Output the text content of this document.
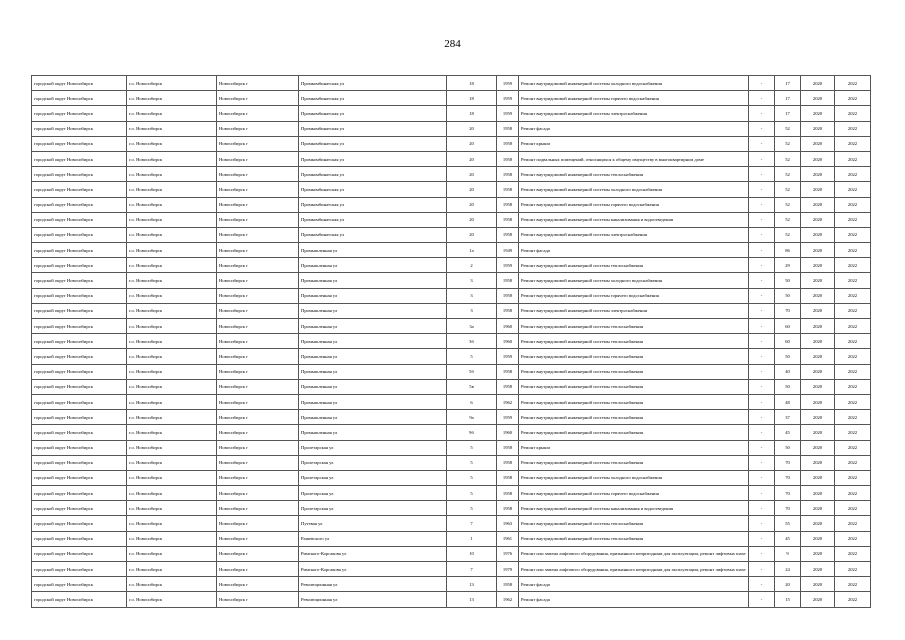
284
городской округ Новосибирск	г.о. Новосибирск	Новосибирск г	Промкомбинатская ул	18	1959	Ремонт внутридомовой инженерной системы холодного водоснабжения	-	17	2020	2022
городской округ Новосибирск	г.о. Новосибирск	Новосибирск г	Промкомбинатская ул	18	1959	Ремонт внутридомовой инженерной системы горячего водоснабжения	-	17	2020	2022
городской округ Новосибирск	г.о. Новосибирск	Новосибирск г	Промкомбинатская ул	18	1959	Ремонт внутридомовой инженерной системы электроснабжения	-	17	2020	2022
городской округ Новосибирск	г.о. Новосибирск	Новосибирск г	Промкомбинатская ул	20	1958	Ремонт фасада	-	52	2020	2022
городской округ Новосибирск	г.о. Новосибирск	Новосибирск г	Промкомбинатская ул	20	1958	Ремонт крыши	-	52	2020	2022
городской округ Новосибирск	г.о. Новосибирск	Новосибирск г	Промкомбинатская ул	20	1958	Ремонт подвальных помещений, относящихся к общему имуществу в многоквартирном доме	-	52	2020	2022
городской округ Новосибирск	г.о. Новосибирск	Новосибирск г	Промкомбинатская ул	20	1958	Ремонт внутридомовой инженерной системы теплоснабжения	-	52	2020	2022
городской округ Новосибирск	г.о. Новосибирск	Новосибирск г	Промкомбинатская ул	20	1958	Ремонт внутридомовой инженерной системы холодного водоснабжения	-	52	2020	2022
городской округ Новосибирск	г.о. Новосибирск	Новосибирск г	Промкомбинатская ул	20	1958	Ремонт внутридомовой инженерной системы горячего водоснабжения	-	52	2020	2022
городской округ Новосибирск	г.о. Новосибирск	Новосибирск г	Промкомбинатская ул	20	1958	Ремонт внутридомовой инженерной системы канализования и водоотведения	-	52	2020	2022
городской округ Новосибирск	г.о. Новосибирск	Новосибирск г	Промкомбинатская ул	20	1958	Ремонт внутридомовой инженерной системы электроснабжения	-	52	2020	2022
городской округ Новосибирск	г.о. Новосибирск	Новосибирск г	Промышленная ул	1а	1949	Ремонт фасада	-	86	2020	2022
городской округ Новосибирск	г.о. Новосибирск	Новосибирск г	Промышленная ул	2	1959	Ремонт внутридомовой инженерной системы теплоснабжения	-	29	2020	2022
городской округ Новосибирск	г.о. Новосибирск	Новосибирск г	Промышленная ул	3	1958	Ремонт внутридомовой инженерной системы холодного водоснабжения	-	50	2020	2022
городской округ Новосибирск	г.о. Новосибирск	Новосибирск г	Промышленная ул	3	1958	Ремонт внутридомовой инженерной системы горячего водоснабжения	-	50	2020	2022
городской округ Новосибирск	г.о. Новосибирск	Новосибирск г	Промышленная ул	3	1958	Ремонт внутридомовой инженерной системы электроснабжения	-	70	2020	2022
городской округ Новосибирск	г.о. Новосибирск	Новосибирск г	Промышленная ул	3а	1960	Ремонт внутридомовой инженерной системы теплоснабжения	-	60	2020	2022
городской округ Новосибирск	г.о. Новосибирск	Новосибирск г	Промышленная ул	3б	1960	Ремонт внутридомовой инженерной системы теплоснабжения	-	60	2020	2022
городской округ Новосибирск	г.о. Новосибирск	Новосибирск г	Промышленная ул	5	1959	Ремонт внутридомовой инженерной системы теплоснабжения	-	50	2020	2022
городской округ Новосибирск	г.о. Новосибирск	Новосибирск г	Промышленная ул	5б	1958	Ремонт внутридомовой инженерной системы теплоснабжения	-	40	2020	2022
городской округ Новосибирск	г.о. Новосибирск	Новосибирск г	Промышленная ул	5в	1958	Ремонт внутридомовой инженерной системы теплоснабжения	-	50	2020	2022
городской округ Новосибирск	г.о. Новосибирск	Новосибирск г	Промышленная ул	6	1962	Ремонт внутридомовой инженерной системы теплоснабжения	-	48	2020	2022
городской округ Новосибирск	г.о. Новосибирск	Новосибирск г	Промышленная ул	9а	1959	Ремонт внутридомовой инженерной системы теплоснабжения	-	37	2020	2022
городской округ Новосибирск	г.о. Новосибирск	Новосибирск г	Промышленная ул	9б	1960	Ремонт внутридомовой инженерной системы теплоснабжения	-	45	2020	2022
городской округ Новосибирск	г.о. Новосибирск	Новосибирск г	Пролетарская ул	5	1958	Ремонт крыши	-	50	2020	2022
городской округ Новосибирск	г.о. Новосибирск	Новосибирск г	Пролетарская ул	5	1958	Ремонт внутридомовой инженерной системы теплоснабжения	-	70	2020	2022
городской округ Новосибирск	г.о. Новосибирск	Новосибирск г	Пролетарская ул	5	1958	Ремонт внутридомовой инженерной системы холодного водоснабжения	-	70	2020	2022
городской округ Новосибирск	г.о. Новосибирск	Новосибирск г	Пролетарская ул	5	1958	Ремонт внутридомовой инженерной системы горячего водоснабжения	-	70	2020	2022
городской округ Новосибирск	г.о. Новосибирск	Новосибирск г	Пролетарская ул	5	1958	Ремонт внутридомовой инженерной системы канализования и водоотведения	-	70	2020	2022
городской округ Новосибирск	г.о. Новосибирск	Новосибирск г	Путевая ул	7	1963	Ремонт внутридомовой инженерной системы теплоснабжения	-	55	2020	2022
городской округ Новосибирск	г.о. Новосибирск	Новосибирск г	Рашевского ул	1	1961	Ремонт внутридомовой инженерной системы теплоснабжения	-	45	2020	2022
городской округ Новосибирск	г.о. Новосибирск	Новосибирск г	Римского-Корсакова ул	10	1976	Ремонт или замена лифтового оборудования, признанного непригодным для эксплуатации, ремонт лифтовых шахт	-	9	2020	2022
городской округ Новосибирск	г.о. Новосибирск	Новосибирск г	Римского-Корсакова ул	7	1979	Ремонт или замена лифтового оборудования, признанного непригодным для эксплуатации, ремонт лифтовых шахт	-	24	2020	2022
городской округ Новосибирск	г.о. Новосибирск	Новосибирск г	Революционная ул	13	1958	Ремонт фасада	-	20	2020	2022
городской округ Новосибирск	г.о. Новосибирск	Новосибирск г	Революционная ул	13	1962	Ремонт фасада	-	15	2020	2022
